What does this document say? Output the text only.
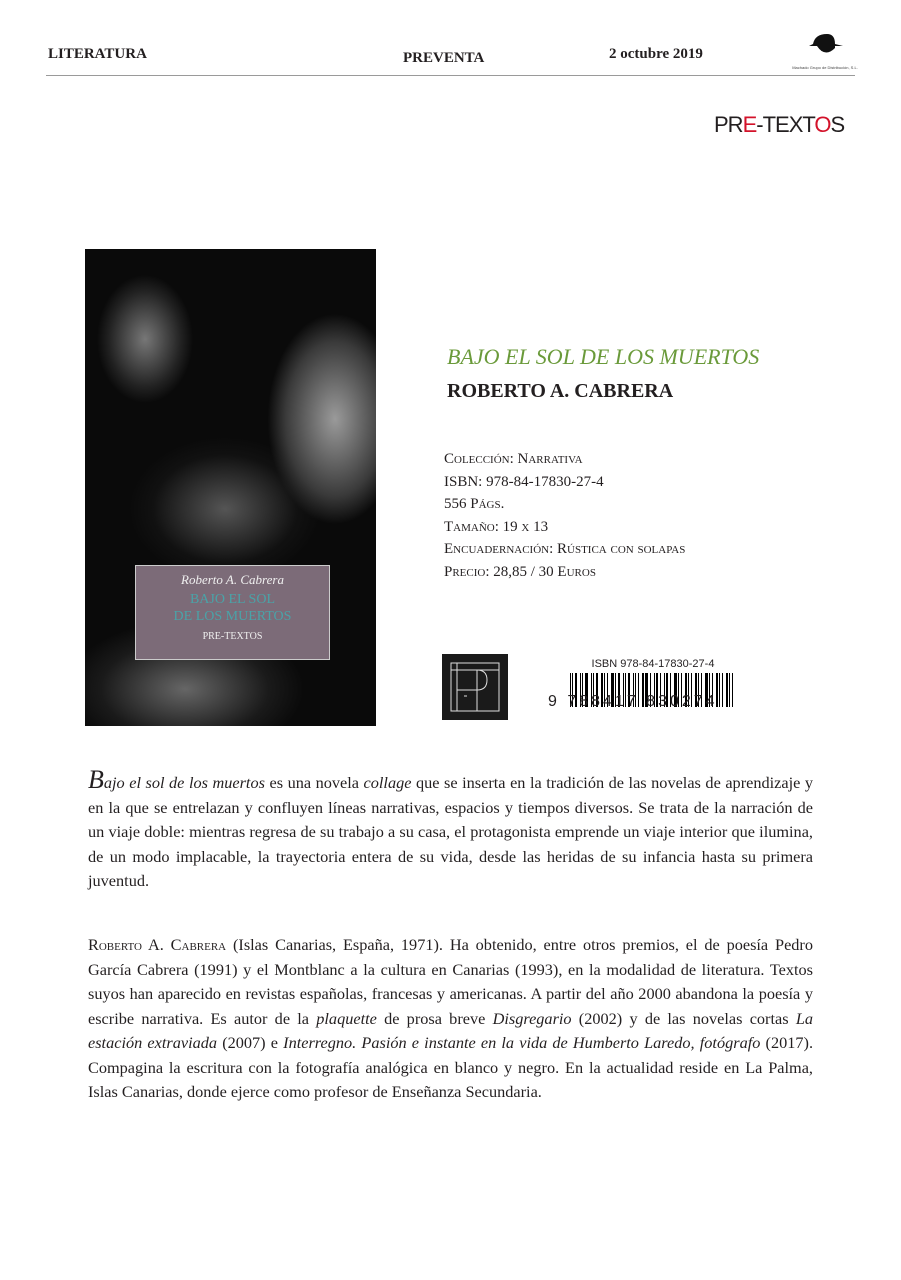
LITERATURA	PREVENTA	2 octubre 2019
Machado Grupo de Distribución, S.L.
PRE-TEXTOS
Roberto A. Cabrera
BAJO EL SOL
DE LOS MUERTOS
PRE-TEXTOS
BAJO EL SOL DE LOS MUERTOS
ROBERTO A. CABRERA
Colección: Narrativa
ISBN: 978-84-17830-27-4
556 Págs.
Tamaño: 19 x 13
Encuadernación: Rústica con solapas
Precio: 28,85 / 30 Euros
ISBN 978-84-17830-27-4
9 788417 830274
Bajo el sol de los muertos es una novela collage que se inserta en la tradición de las novelas de aprendizaje y en la que se entrelazan y confluyen líneas narrativas, espacios y tiempos diversos. Se trata de la narración de un viaje doble: mientras regresa de su trabajo a su casa, el protagonista emprende un viaje interior que ilumina, de un modo implacable, la trayectoria entera de su vida, desde las heridas de su infancia hasta su primera juventud.
Roberto A. Cabrera (Islas Canarias, España, 1971). Ha obtenido, entre otros premios, el de poesía Pedro García Cabrera (1991) y el Montblanc a la cultura en Canarias (1993), en la modalidad de literatura. Textos suyos han aparecido en revistas españolas, francesas y americanas. A partir del año 2000 abandona la poesía y escribe narrativa. Es autor de la plaquette de prosa breve Disgregario (2002) y de las novelas cortas La estación extraviada (2007) e Interregno. Pasión e instante en la vida de Humberto Laredo, fotógrafo (2017). Compagina la escritura con la fotografía analógica en blanco y negro. En la actualidad reside en La Palma, Islas Canarias, donde ejerce como profesor de Enseñanza Secundaria.
